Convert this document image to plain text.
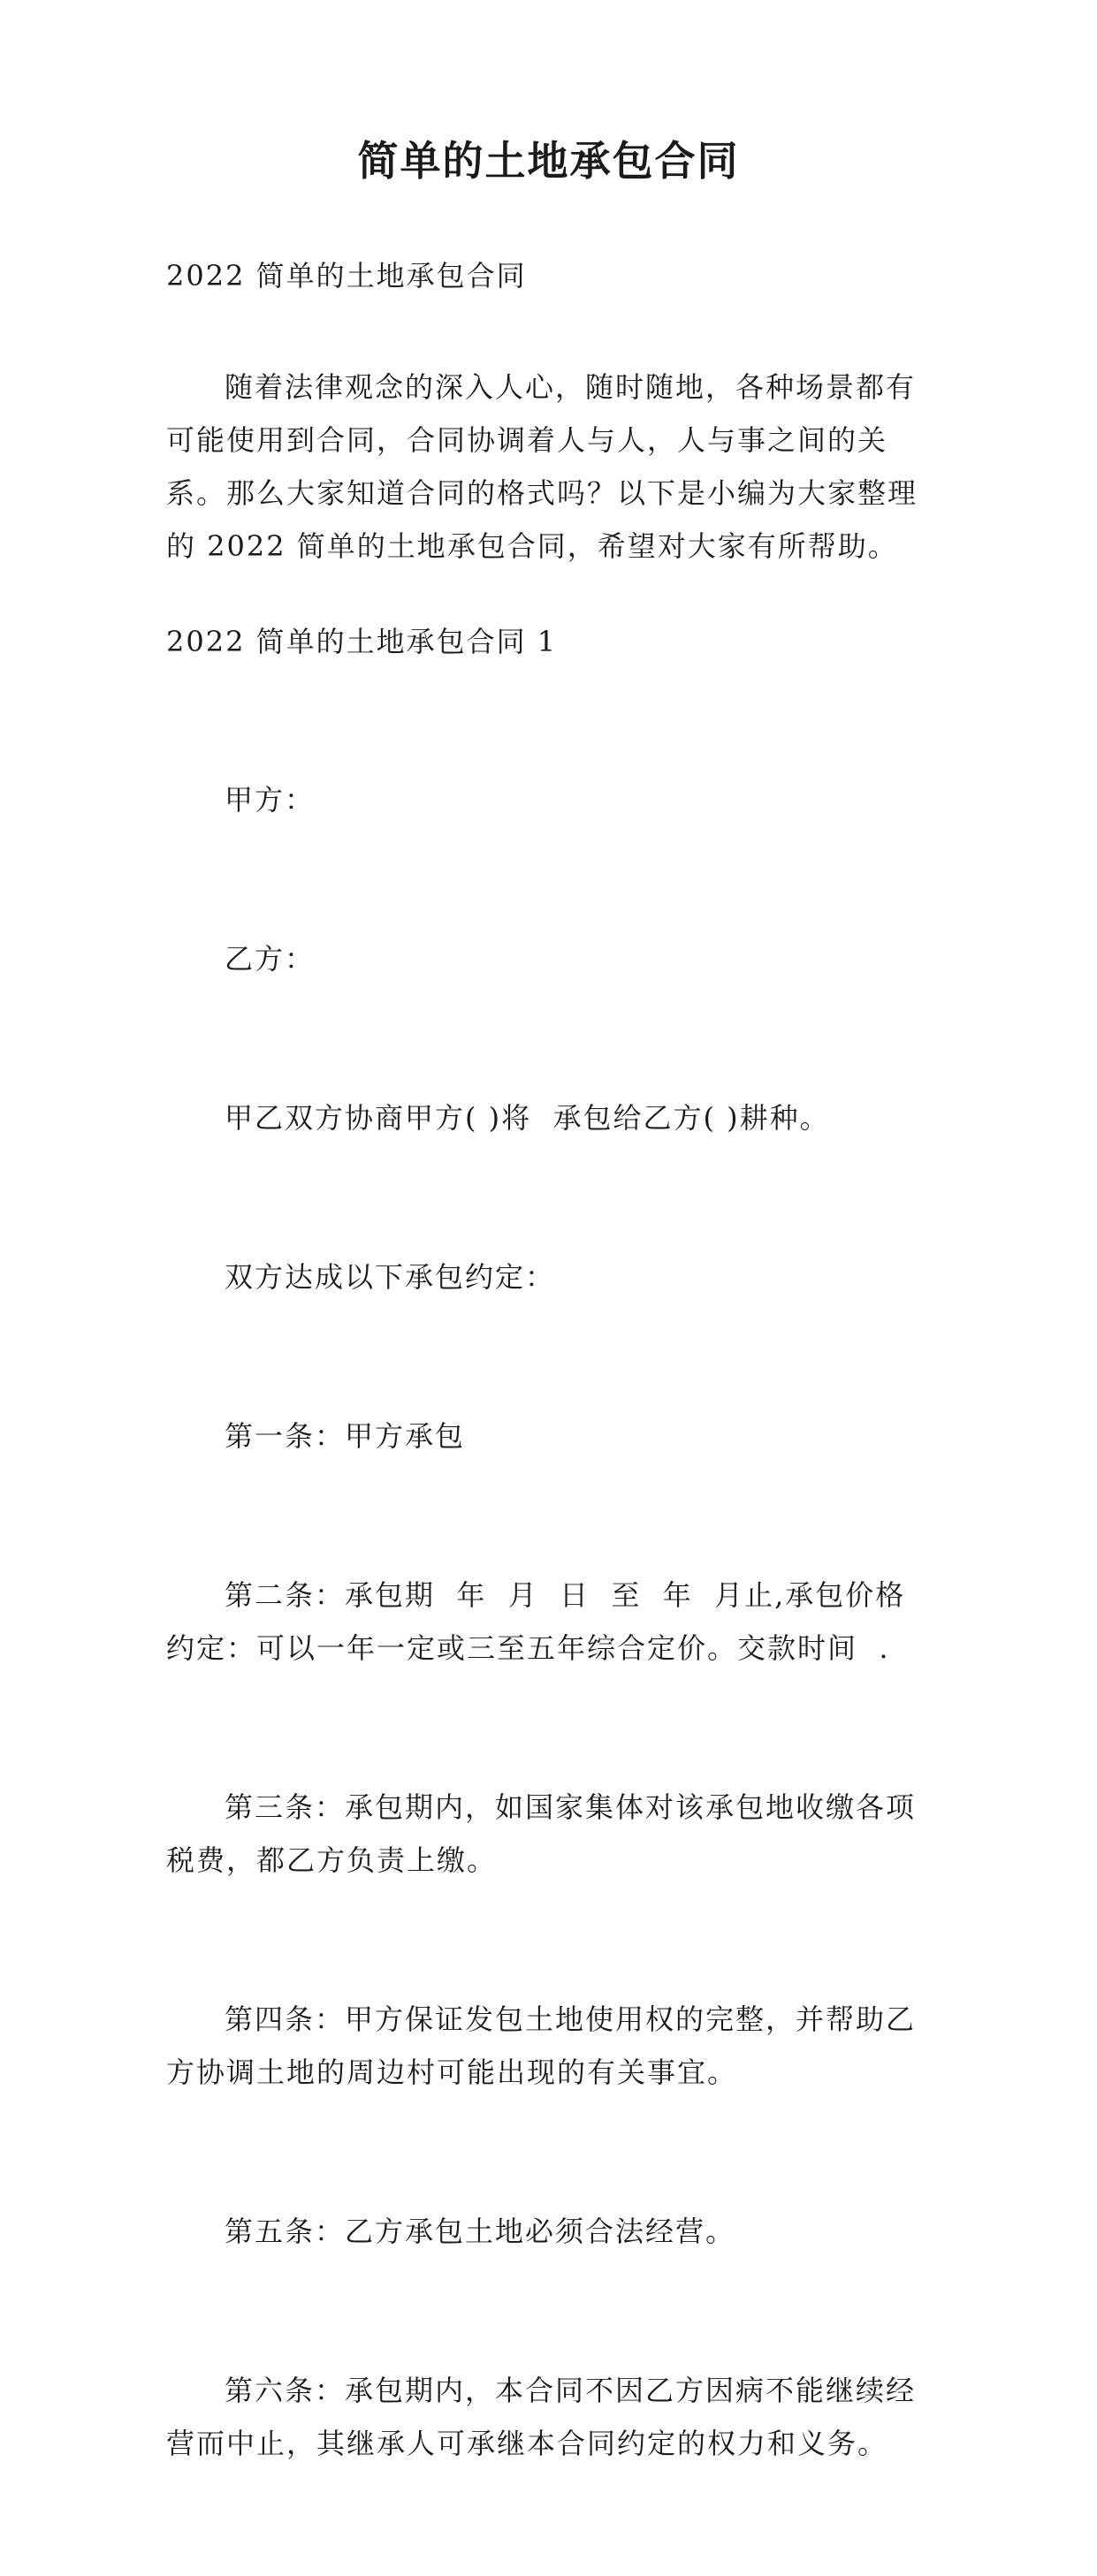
简单的土地承包合同
2022 简单的土地承包合同
随着法律观念的深入人心，随时随地，各种场景都有可能使用到合同，合同协调着人与人，人与事之间的关系。那么大家知道合同的格式吗？以下是小编为大家整理的 2022 简单的土地承包合同，希望对大家有所帮助。
2022 简单的土地承包合同 1

甲方：

乙方：

甲乙双方协商甲方( )将  承包给乙方( )耕种。

双方达成以下承包约定：

第一条：甲方承包

第二条：承包期  年  月  日  至  年  月止,承包价格约定：可以一年一定或三至五年综合定价。交款时间  .

第三条：承包期内，如国家集体对该承包地收缴各项税费，都乙方负责上缴。

第四条：甲方保证发包土地使用权的完整，并帮助乙方协调土地的周边村可能出现的有关事宜。

第五条：乙方承包土地必须合法经营。

第六条：承包期内，本合同不因乙方因病不能继续经营而中止，其继承人可承继本合同约定的权力和义务。
